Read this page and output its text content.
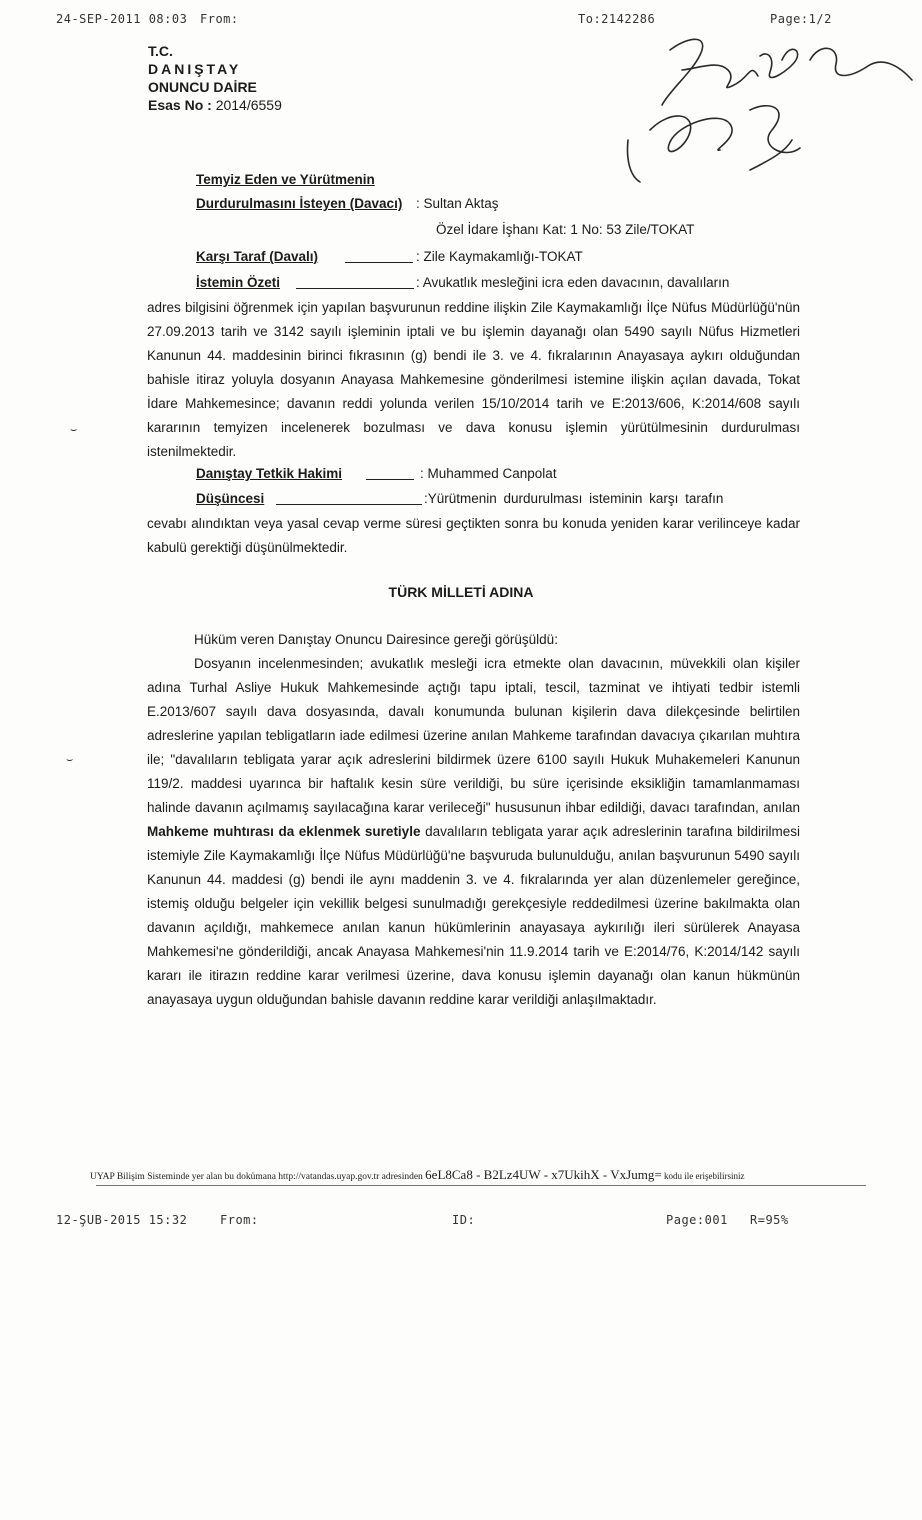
24-SEP-2011 08:03 From:	To:2142286	Page:1/2
T.C.
DANIŞTAY
ONUNCU DAİRE
Esas No : 2014/6559
Temyiz Eden ve Yürütmenin
Durdurulmasını İsteyen (Davacı) : Sultan Aktaş
Özel İdare İşhanı Kat: 1 No: 53 Zile/TOKAT
Karşı Taraf (Davalı)	: Zile Kaymakamlığı-TOKAT
İstemin Özeti	: Avukatlık mesleğini icra eden davacının, davalıların
adres bilgisini öğrenmek için yapılan başvurunun reddine ilişkin Zile Kaymakamlığı İlçe Nüfus Müdürlüğü'nün 27.09.2013 tarih ve 3142 sayılı işleminin iptali ve bu işlemin dayanağı olan 5490 sayılı Nüfus Hizmetleri Kanunun 44. maddesinin birinci fıkrasının (g) bendi ile 3. ve 4. fıkralarının Anayasaya aykırı olduğundan bahisle itiraz yoluyla dosyanın Anayasa Mahkemesine gönderilmesi istemine ilişkin açılan davada, Tokat İdare Mahkemesince; davanın reddi yolunda verilen 15/10/2014 tarih ve E:2013/606, K:2014/608 sayılı kararının temyizen incelenerek bozulması ve dava konusu işlemin yürütülmesinin durdurulması istenilmektedir.
Danıştay Tetkik Hakimi	: Muhammed Canpolat
Düşüncesi	:Yürütmenin durdurulması isteminin karşı tarafın
cevabı alındıktan veya yasal cevap verme süresi geçtikten sonra bu konuda yeniden karar verilinceye kadar kabulü gerektiği düşünülmektedir.
TÜRK MİLLETİ ADINA
Hüküm veren Danıştay Onuncu Dairesince gereği görüşüldü:
Dosyanın incelenmesinden; avukatlık mesleği icra etmekte olan davacının, müvekkili olan kişiler adına Turhal Asliye Hukuk Mahkemesinde açtığı tapu iptali, tescil, tazminat ve ihtiyati tedbir istemli E.2013/607 sayılı dava dosyasında, davalı konumunda bulunan kişilerin dava dilekçesinde belirtilen adreslerine yapılan tebligatların iade edilmesi üzerine anılan Mahkeme tarafından davacıya çıkarılan muhtıra ile; "davalıların tebligata yarar açık adreslerini bildirmek üzere 6100 sayılı Hukuk Muhakemeleri Kanunun 119/2. maddesi uyarınca bir haftalık kesin süre verildiği, bu süre içerisinde eksikliğin tamamlanmaması halinde davanın açılmamış sayılacağına karar verileceği" hususunun ihbar edildiği, davacı tarafından, anılan Mahkeme muhtırası da eklenmek suretiyle davalıların tebligata yarar açık adreslerinin tarafına bildirilmesi istemiyle Zile Kaymakamlığı İlçe Nüfus Müdürlüğü'ne başvuruda bulunulduğu, anılan başvurunun 5490 sayılı Kanunun 44. maddesi (g) bendi ile aynı maddenin 3. ve 4. fıkralarında yer alan düzenlemeler gereğince, istemiş olduğu belgeler için vekillik belgesi sunulmadığı gerekçesiyle reddedilmesi üzerine bakılmakta olan davanın açıldığı, mahkemece anılan kanun hükümlerinin anayasaya aykırılığı ileri sürülerek Anayasa Mahkemesi'ne gönderildiği, ancak Anayasa Mahkemesi'nin 11.9.2014 tarih ve E:2014/76, K:2014/142 sayılı kararı ile itirazın reddine karar verilmesi üzerine, dava konusu işlemin dayanağı olan kanun hükmünün anayasaya uygun olduğundan bahisle davanın reddine karar verildiği anlaşılmaktadır.
⌣
⌣
UYAP Bilişim Sisteminde yer alan bu dokümana http://vatandas.uyap.gov.tr adresinden 6eL8Ca8 - B2Lz4UW - x7UkihX - VxJumg= kodu ile erişebilirsiniz
12-ŞUB-2015 15:32	From:	ID:	Page:001 R=95%
